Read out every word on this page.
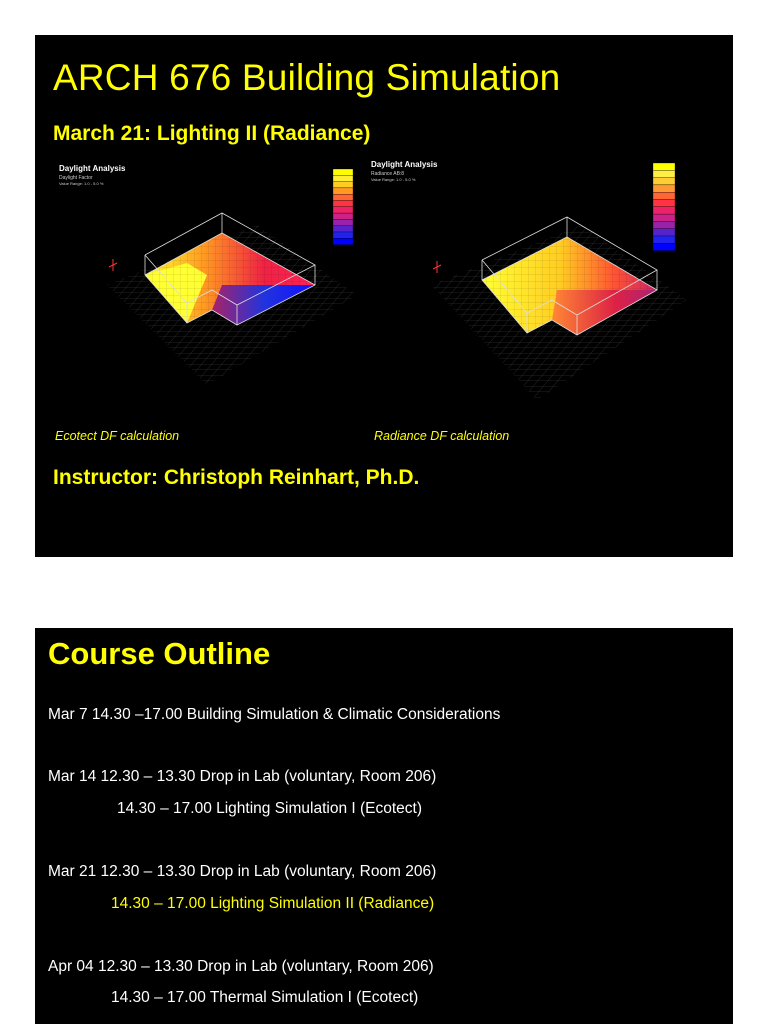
ARCH 676 Building Simulation
March 21: Lighting II (Radiance)
Daylight Analysis
Daylight Factor
Value Range: 1.0 - 5.0 %
Daylight Analysis
Radiance AB:8
Value Range: 1.0 - 5.0 %
Ecotect DF calculation	Radiance DF calculation
Instructor: Christoph Reinhart, Ph.D.
Course Outline
Mar 7 14.30 –17.00 Building Simulation & Climatic Considerations
Mar 14 12.30 – 13.30 Drop in Lab (voluntary, Room 206)
14.30 – 17.00 Lighting Simulation I (Ecotect)
Mar 21 12.30 – 13.30 Drop in Lab (voluntary, Room 206)
14.30 – 17.00 Lighting Simulation II (Radiance)
Apr 04 12.30 – 13.30 Drop in Lab (voluntary, Room 206)
14.30 – 17.00 Thermal Simulation I (Ecotect)
